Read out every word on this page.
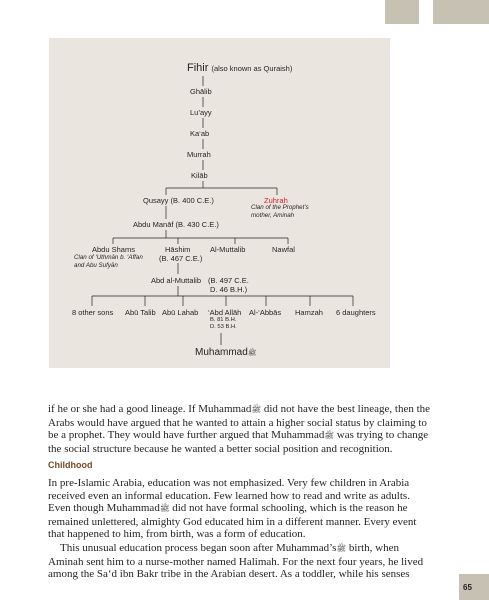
Fihir (also known as Quraish)
Ghālib
Lu’ayy
Ka‘ab
Murrah
Kilāb
Qusayy (B. 400 C.E.)	Zuhrah
Clan of the Prophet’s
mother, Aminah
Abdu Manāf (B. 430 C.E.)
Abdu Shams
Clan of ‘Uthmān b. ‘Affan
and Abu Sufyān
Hāshim
(B. 467 C.E.)
Al-Muttalib	Nawfal
Abd al-Muttalib (B. 497 C.E.
D. 46 B.H.)
8 other sons Abū Talib Abū Lahab ‘Abd Allāh
B. 81 B.H.
D. 53 B.H.
Al-‘Abbās Hamzah 6 daughters
Muhammadﷺ
if he or she had a good lineage. If Muhammadﷺ did not have the best lineage, then the
Arabs would have argued that he wanted to attain a higher social status by claiming to
be a prophet. They would have further argued that Muhammadﷺ was trying to change
the social structure because he wanted a better social position and recognition.
Childhood
In pre-Islamic Arabia, education was not emphasized. Very few children in Arabia
received even an informal education. Few learned how to read and write as adults.
Even though Muhammadﷺ did not have formal schooling, which is the reason he
remained unlettered, almighty God educated him in a different manner. Every event
that happened to him, from birth, was a form of education.
This unusual education process began soon after Muhammad’sﷺ birth, when
Aminah sent him to a nurse-mother named Halimah. For the next four years, he lived
among the Sa‘d ibn Bakr tribe in the Arabian desert. As a toddler, while his senses
65
